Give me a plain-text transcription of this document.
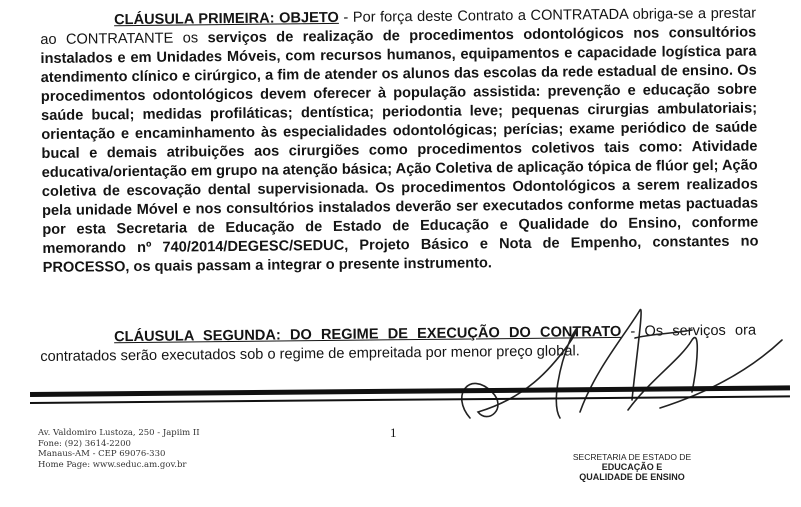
CLÁUSULA PRIMEIRA: OBJETO - Por força deste Contrato a CONTRATADA obriga-se a prestar ao CONTRATANTE os serviços de realização de procedimentos odontológicos nos consultórios instalados e em Unidades Móveis, com recursos humanos, equipamentos e capacidade logística para atendimento clínico e cirúrgico, a fim de atender os alunos das escolas da rede estadual de ensino. Os procedimentos odontológicos devem oferecer à população assistida: prevenção e educação sobre saúde bucal; medidas profiláticas; dentística; periodontia leve; pequenas cirurgias ambulatoriais; orientação e encaminhamento às especialidades odontológicas; perícias; exame periódico de saúde bucal e demais atribuições aos cirurgiões como procedimentos coletivos tais como: Atividade educativa/orientação em grupo na atenção básica; Ação Coletiva de aplicação tópica de flúor gel; Ação coletiva de escovação dental supervisionada. Os procedimentos Odontológicos a serem realizados pela unidade Móvel e nos consultórios instalados deverão ser executados conforme metas pactuadas por esta Secretaria de Educação de Estado de Educação e Qualidade do Ensino, conforme memorando nº 740/2014/DEGESC/SEDUC, Projeto Básico e Nota de Empenho, constantes no PROCESSO, os quais passam a integrar o presente instrumento.

CLÁUSULA SEGUNDA: DO REGIME DE EXECUÇÃO DO CONTRATO - Os serviços ora contratados serão executados sob o regime de empreitada por menor preço global.

Av. Valdomiro Lustoza, 250 - Japiim II
Fone: (92) 3614-2200
Manaus-AM - CEP 69076-330
Home Page: www.seduc.am.gov.br
1
SECRETARIA DE ESTADO DE
EDUCAÇÃO E
QUALIDADE DE ENSINO
